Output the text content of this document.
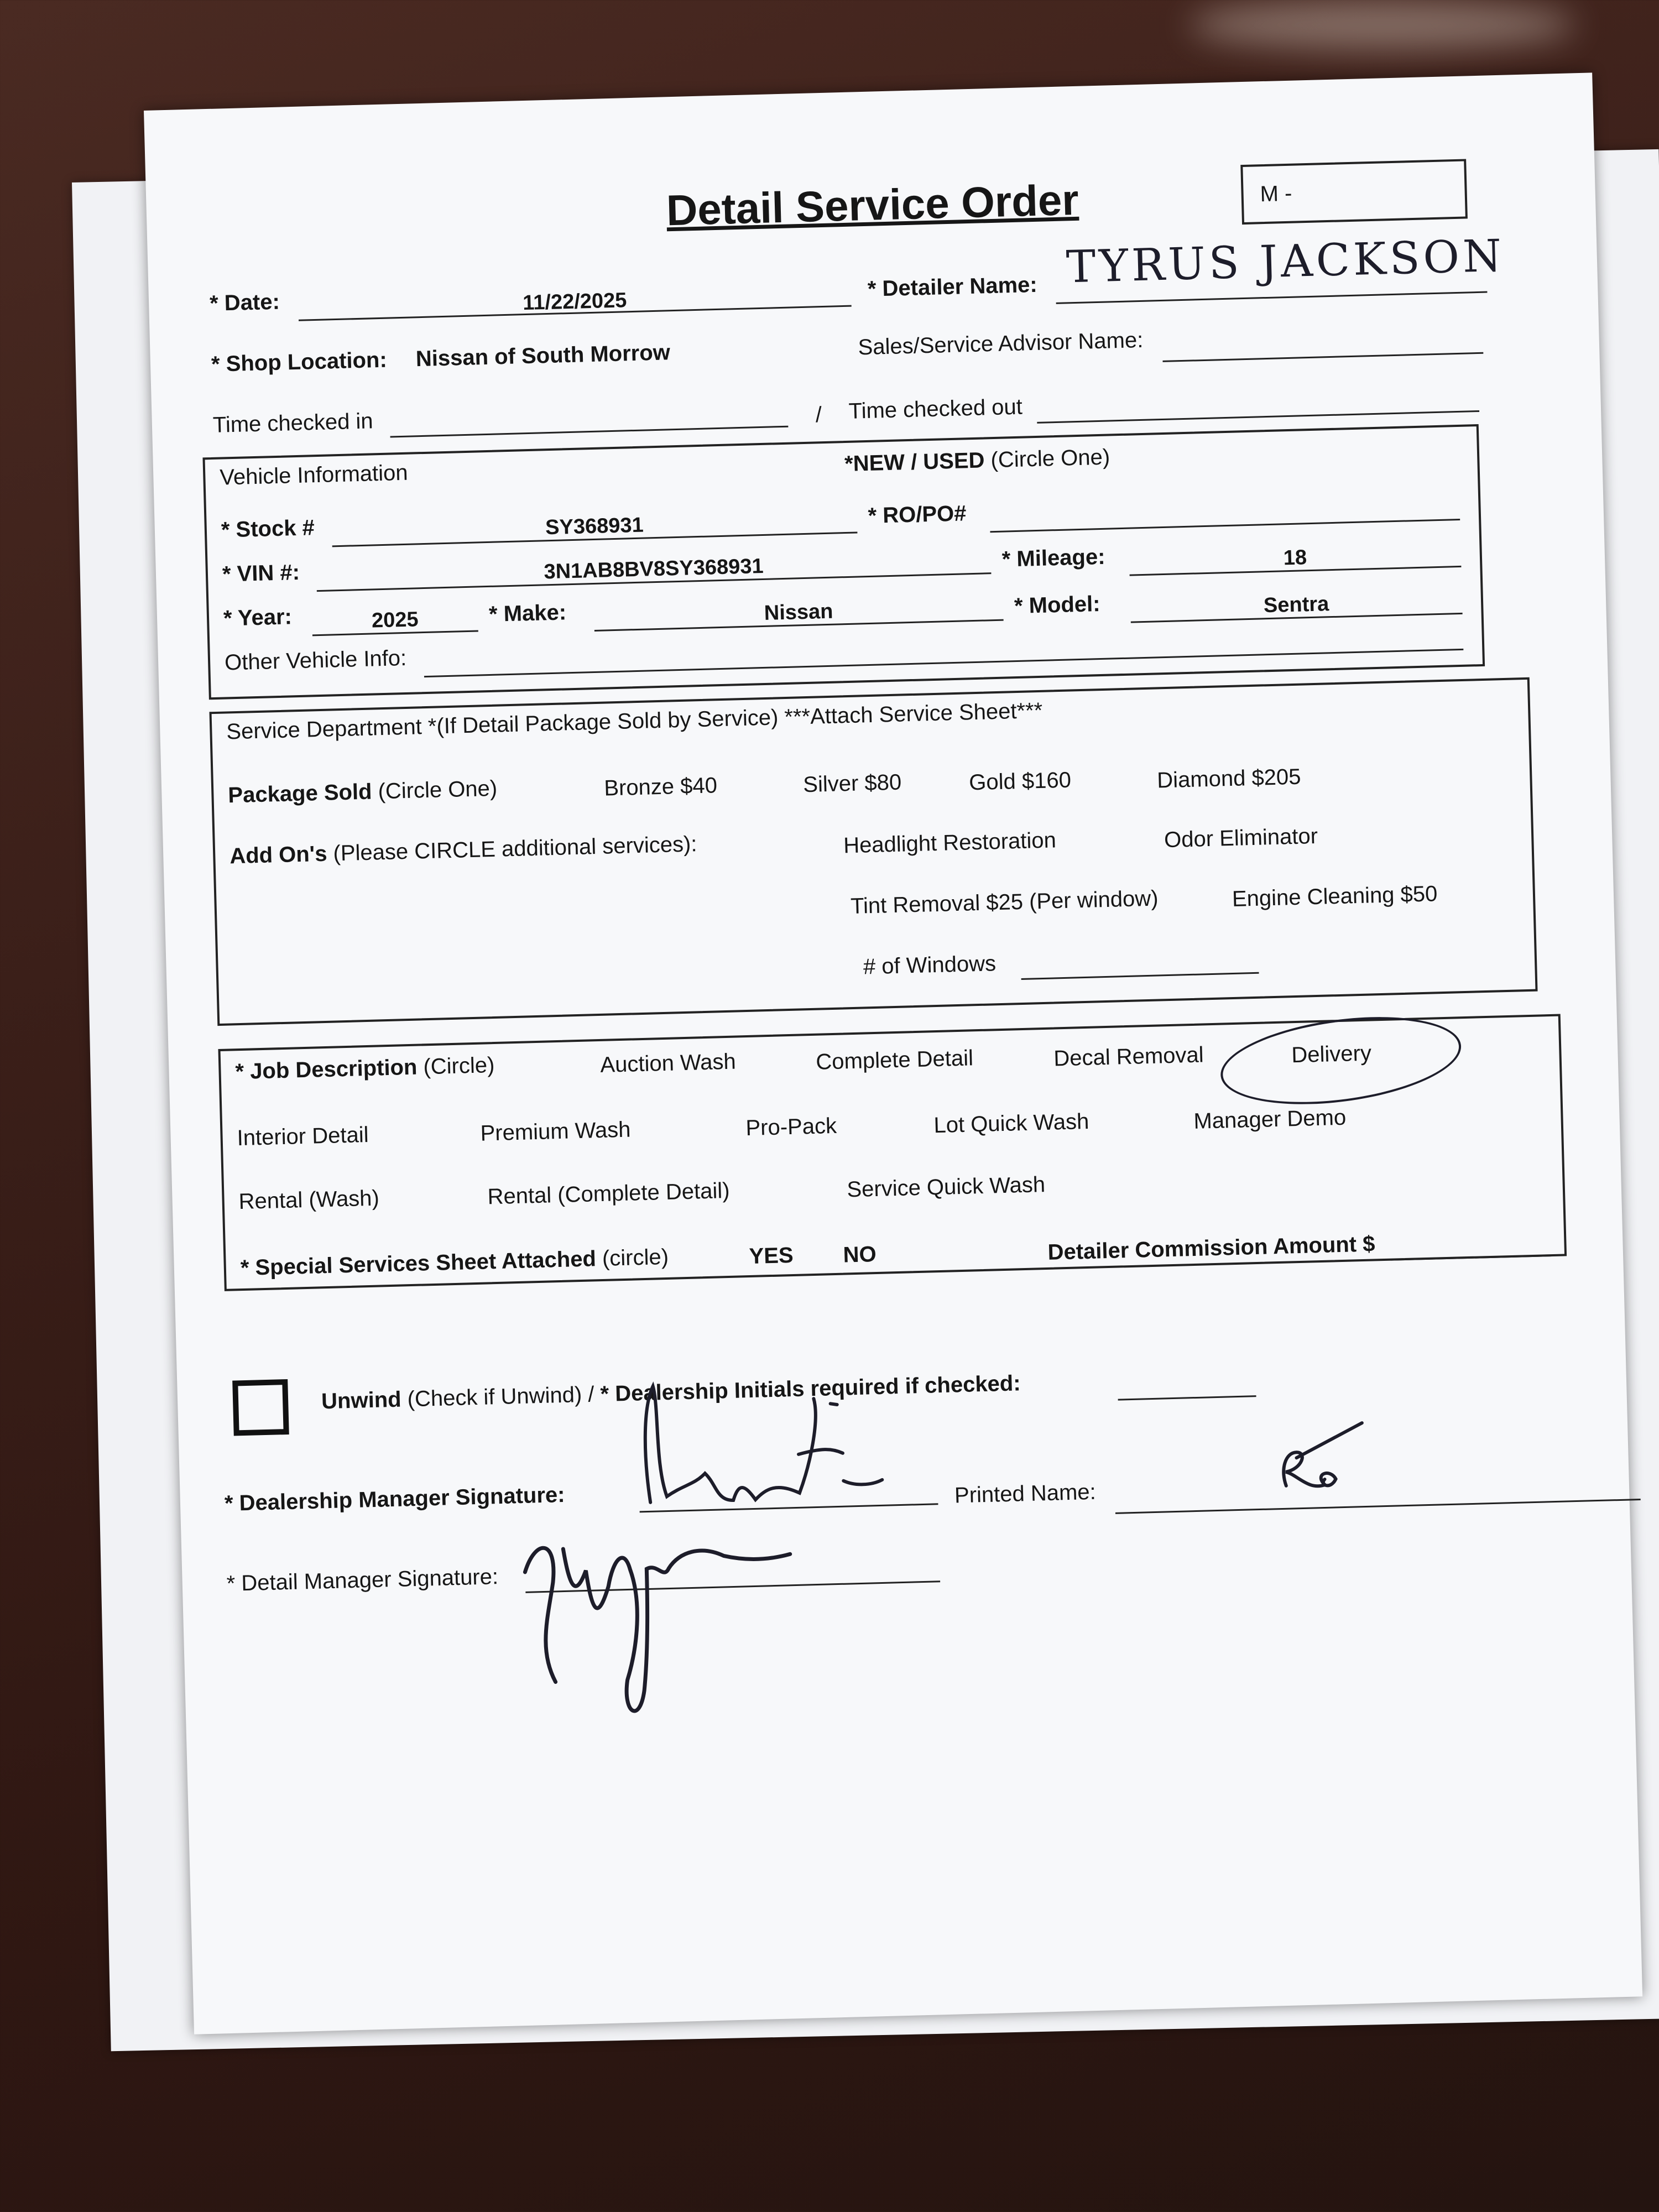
Detail Service Order	M -
* Date:	11/22/2025
* Detailer Name: TYRUS JACKSON
* Shop Location: Nissan of South Morrow	Sales/Service Advisor Name:
Time checked in	/ Time checked out
Vehicle Information	*NEW / USED (Circle One)
* Stock #	SY368931	* RO/PO#
* VIN #:	3N1AB8BV8SY368931	* Mileage:	18
* Year:	2025	* Make:	Nissan	* Model:	Sentra
Other Vehicle Info:
Service Department *(If Detail Package Sold by Service) ***Attach Service Sheet***
Package Sold (Circle One)	Bronze $40	Silver $80	Gold $160	Diamond $205
Add On's (Please CIRCLE additional services):	Headlight Restoration	Odor Eliminator
Tint Removal $25 (Per window)	Engine Cleaning $50
# of Windows
* Job Description (Circle)	Auction Wash	Complete Detail	Decal Removal	Delivery
Interior Detail	Premium Wash	Pro-Pack	Lot Quick Wash	Manager Demo
Rental (Wash)	Rental (Complete Detail)	Service Quick Wash
* Special Services Sheet Attached (circle)	YES NO	Detailer Commission Amount $
Unwind (Check if Unwind) / * Dealership Initials required if checked:
* Dealership Manager Signature:	Printed Name:
* Detail Manager Signature:
